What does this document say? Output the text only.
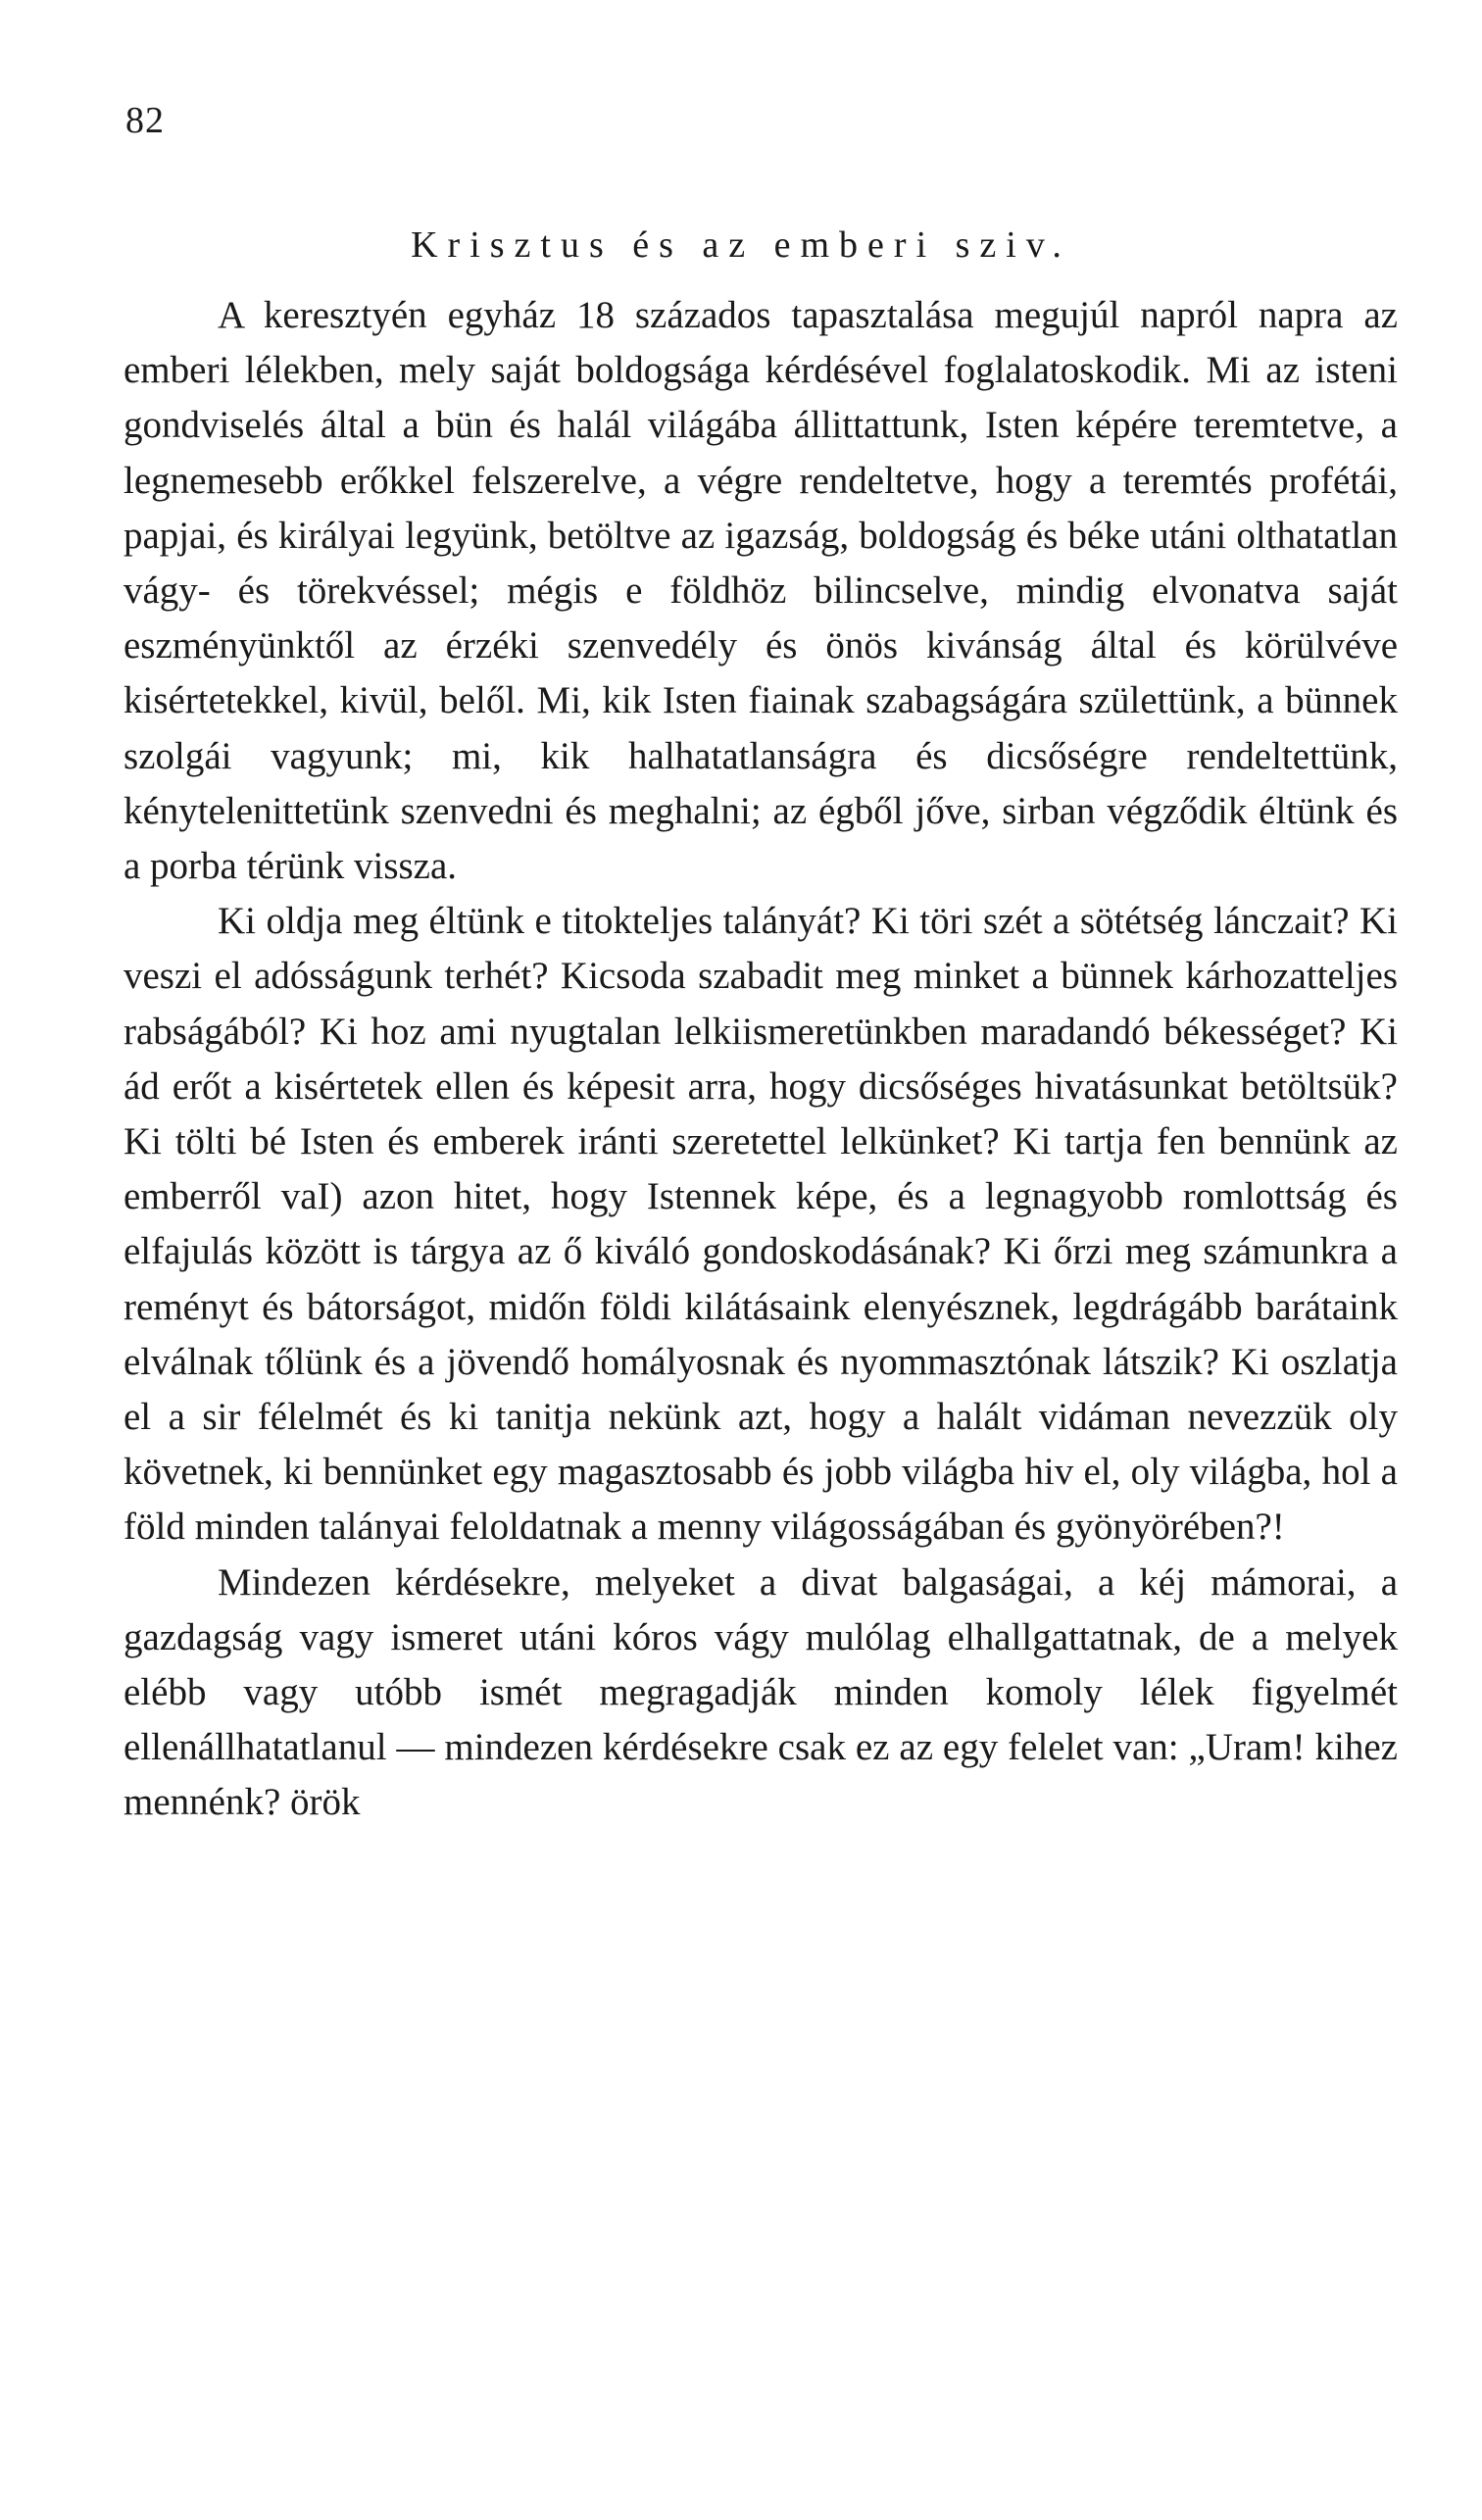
82
Krisztus és az emberi sziv.

A keresztyén egyház 18 százados tapasztalása megujúl napról napra az emberi lélekben, mely saját boldogsága kérdésével foglalatoskodik. Mi az isteni gondviselés által a bün és halál világába állittattunk, Isten képére teremtetve, a legnemesebb erőkkel felszerelve, a végre rendeltetve, hogy a teremtés profétái, papjai, és királyai legyünk, betöltve az igazság, boldogság és béke utáni olthatatlan vágy- és törekvéssel; mégis e földhöz bilincselve, mindig elvonatva saját eszményünktől az érzéki szenvedély és önös kivánság által és körülvéve kisértetekkel, kivül, belől. Mi, kik Isten fiainak szabagságára születtünk, a bünnek szolgái vagyunk; mi, kik halhatatlanságra és dicsőségre rendeltettünk, kénytelenittetünk szenvedni és meghalni; az égből jőve, sirban végződik éltünk és a porba térünk vissza.

Ki oldja meg éltünk e titokteljes talányát? Ki töri szét a sötétség lánczait? Ki veszi el adósságunk terhét? Kicsoda szabadit meg minket a bünnek kárhozatteljes rabságából? Ki hoz ami nyugtalan lelkiismeretünkben maradandó békességet? Ki ád erőt a kisértetek ellen és képesit arra, hogy dicsőséges hivatásunkat betöltsük? Ki tölti bé Isten és emberek iránti szeretettel lelkünket? Ki tartja fen bennünk az emberről vaI) azon hitet, hogy Istennek képe, és a legnagyobb romlottság és elfajulás között is tárgya az ő kiváló gondoskodásának? Ki őrzi meg számunkra a reményt és bátorságot, midőn földi kilátásaink elenyésznek, legdrágább barátaink elválnak tőlünk és a jövendő homályosnak és nyommasztónak látszik? Ki oszlatja el a sir félelmét és ki tanitja nekünk azt, hogy a halált vidáman nevezzük oly követnek, ki bennünket egy magasztosabb és jobb világba hiv el, oly világba, hol a föld minden talányai feloldatnak a menny világosságában és gyönyörében?!

Mindezen kérdésekre, melyeket a divat balgaságai, a kéj mámorai, a gazdagság vagy ismeret utáni kóros vágy mulólag elhallgattatnak, de a melyek elébb vagy utóbb ismét megragadják minden komoly lélek figyelmét ellenállhatatlanul — mindezen kérdésekre csak ez az egy felelet van: „Uram! kihez mennénk? örök
